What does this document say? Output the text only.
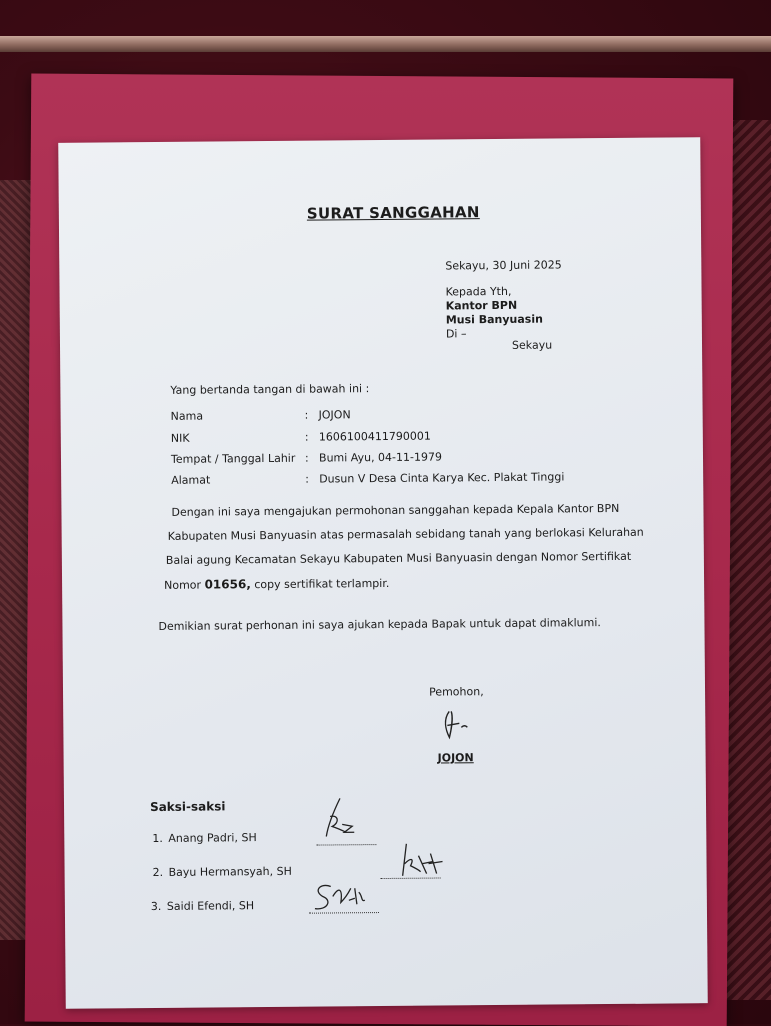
SURAT SANGGAHAN
Sekayu, 30 Juni 2025
Kepada Yth,
Kantor BPN
Musi Banyuasin
Di –
Sekayu
Yang bertanda tangan di bawah ini :
Nama	: JOJON
NIK	: 1606100411790001
Tempat / Tanggal Lahir : Bumi Ayu, 04-11-1979
Alamat	: Dusun V Desa Cinta Karya Kec. Plakat Tinggi
Dengan ini saya mengajukan permohonan sanggahan kepada Kepala Kantor BPN
Kabupaten Musi Banyuasin atas permasalah sebidang tanah yang berlokasi Kelurahan
Balai agung Kecamatan Sekayu Kabupaten Musi Banyuasin dengan Nomor Sertifikat
Nomor 01656, copy sertifikat terlampir.
Demikian surat perhonan ini saya ajukan kepada Bapak untuk dapat dimaklumi.
Pemohon,
JOJON
Saksi-saksi
1. Anang Padri, SH
2. Bayu Hermansyah, SH
3. Saidi Efendi, SH
